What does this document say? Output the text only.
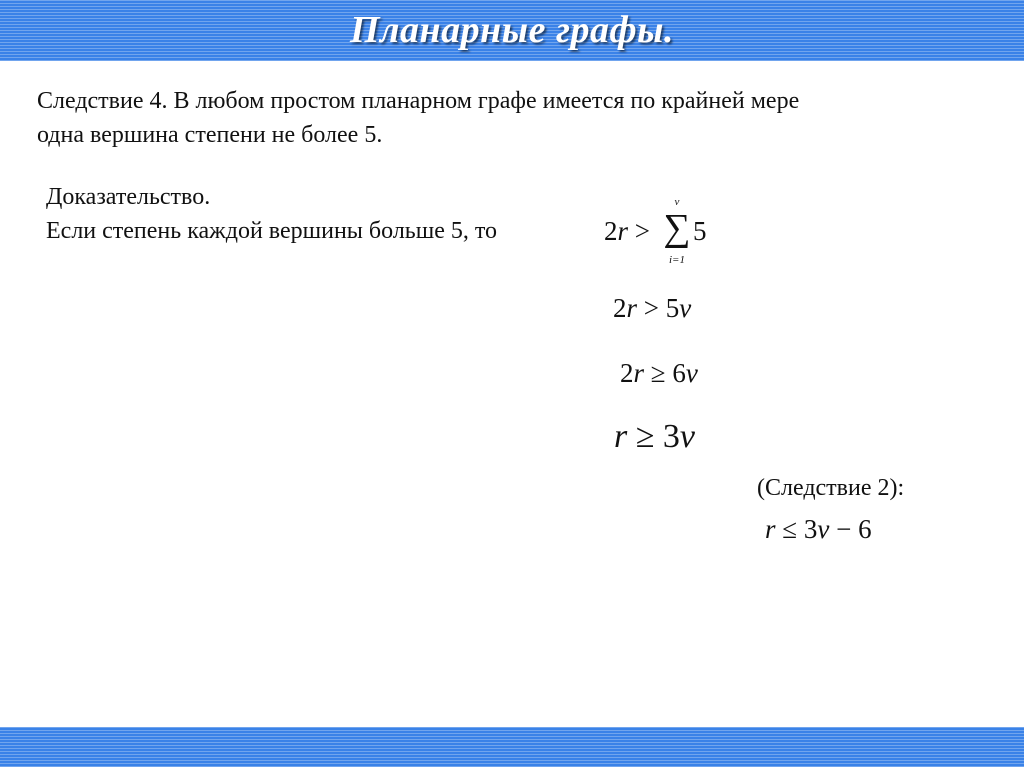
Планарные графы.
Следствие 4. В любом простом планарном графе имеется по крайней мере
одна вершина степени не более 5.
Доказательство.
Если степень каждой вершины больше 5, то	2r >
v
∑
i=1
5
2r > 5v
2r ≥ 6v
r ≥ 3v
(Следствие 2):
r ≤ 3v − 6
